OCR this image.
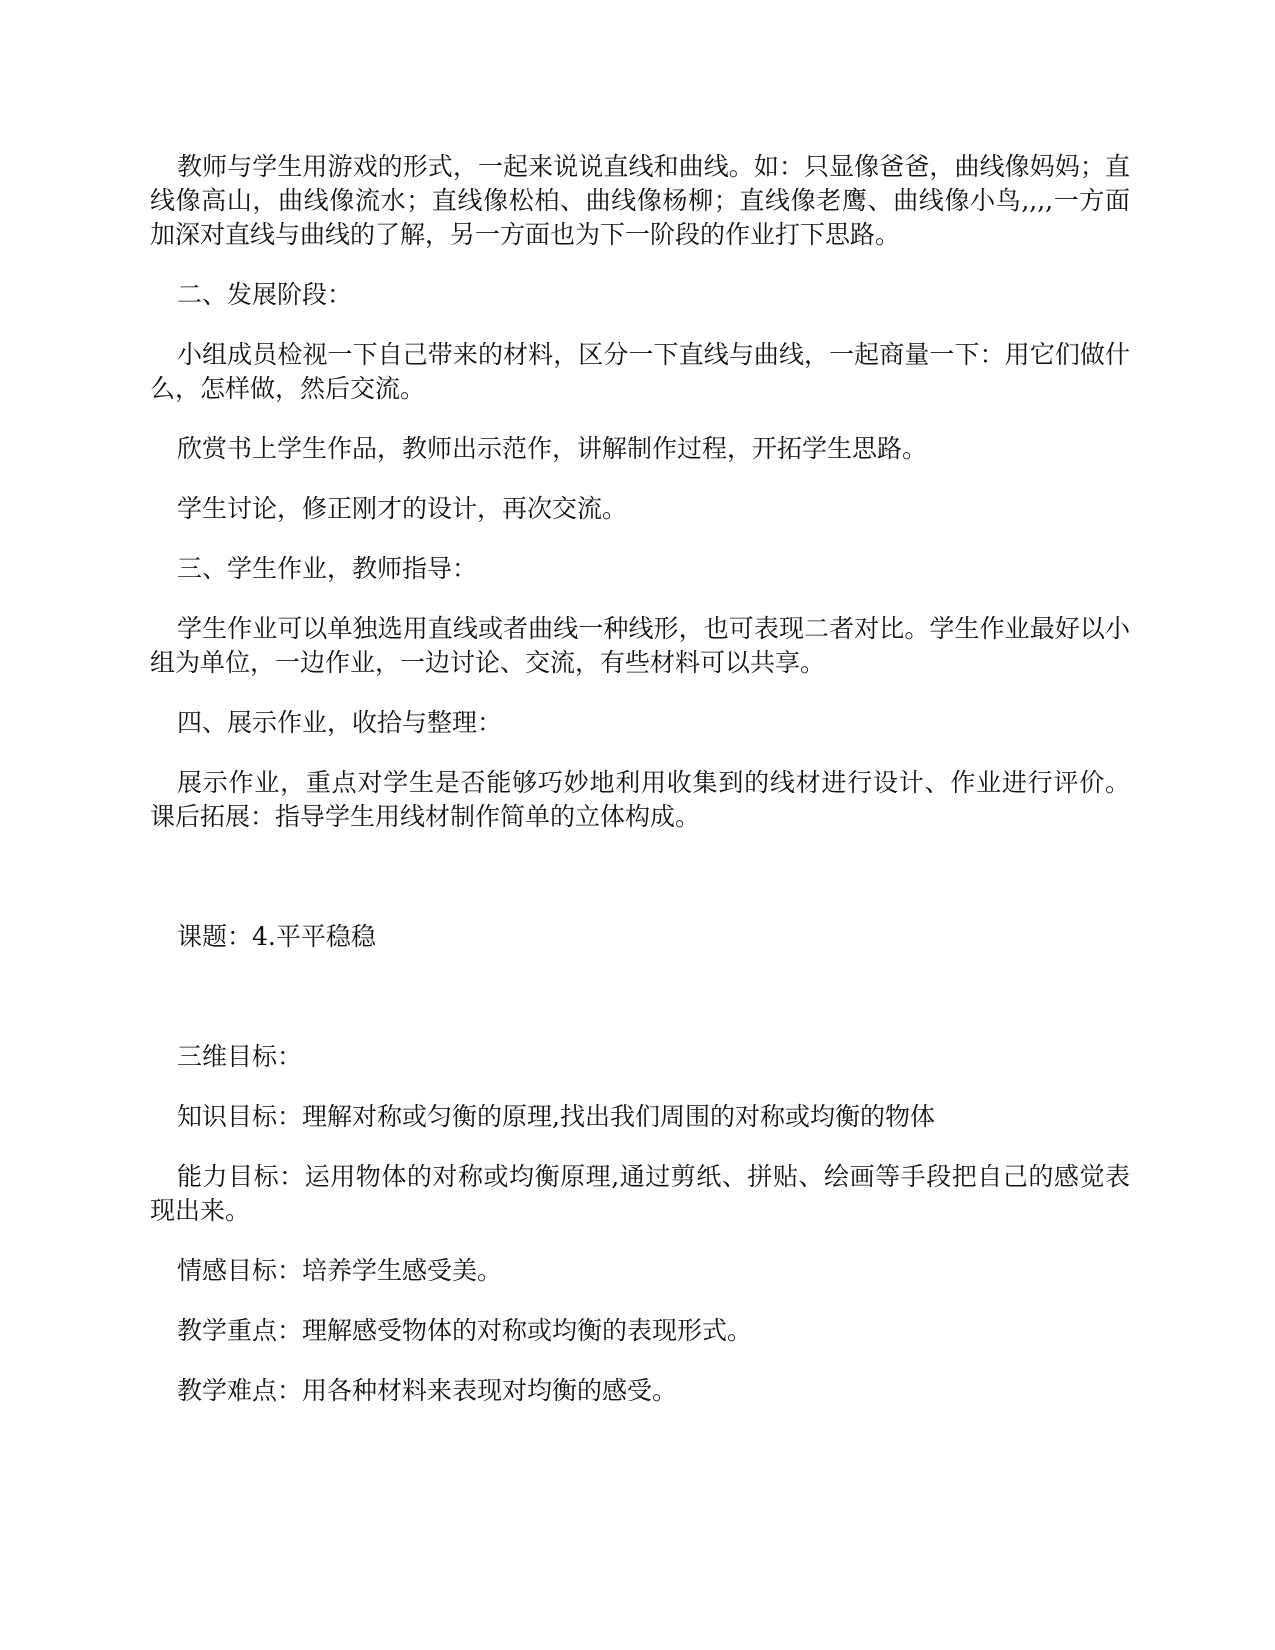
教师与学生用游戏的形式，一起来说说直线和曲线。如：只显像爸爸，曲线像妈妈；直线像高山，曲线像流水；直线像松柏、曲线像杨柳；直线像老鹰、曲线像小鸟,,,,一方面加深对直线与曲线的了解，另一方面也为下一阶段的作业打下思路。

二、发展阶段：

小组成员检视一下自己带来的材料，区分一下直线与曲线，一起商量一下：用它们做什么，怎样做，然后交流。

欣赏书上学生作品，教师出示范作，讲解制作过程，开拓学生思路。

学生讨论，修正刚才的设计，再次交流。

三、学生作业，教师指导：

学生作业可以单独选用直线或者曲线一种线形，也可表现二者对比。学生作业最好以小组为单位，一边作业，一边讨论、交流，有些材料可以共享。

四、展示作业，收拾与整理：

展示作业，重点对学生是否能够巧妙地利用收集到的线材进行设计、作业进行评价。 课后拓展：指导学生用线材制作简单的立体构成。

课题：4.平平稳稳

三维目标：

知识目标：理解对称或匀衡的原理,找出我们周围的对称或均衡的物体

能力目标：运用物体的对称或均衡原理,通过剪纸、拼贴、绘画等手段把自己的感觉表现出来。

情感目标：培养学生感受美。

教学重点：理解感受物体的对称或均衡的表现形式。

教学难点：用各种材料来表现对均衡的感受。
